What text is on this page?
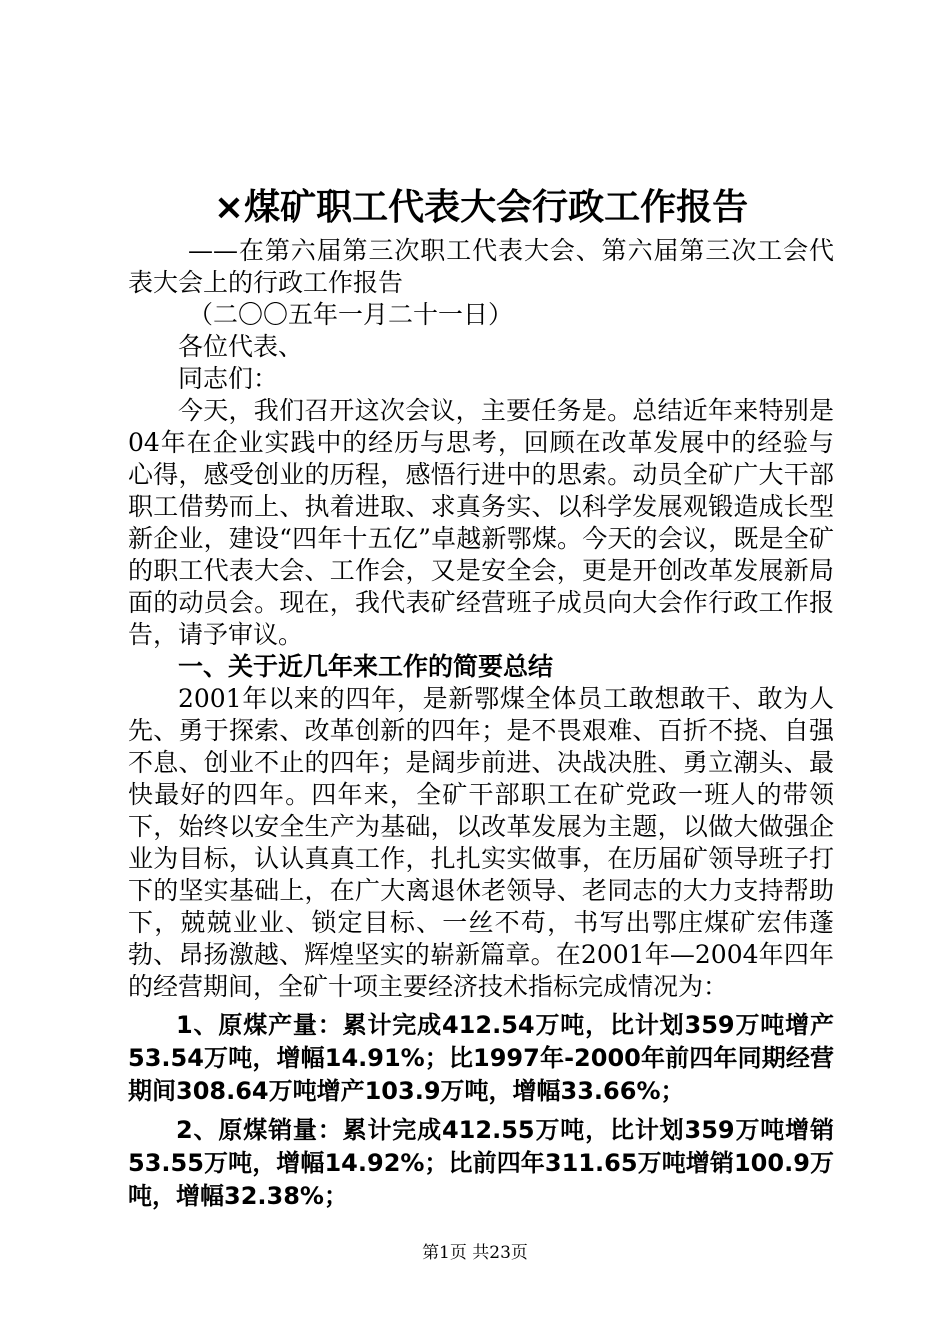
×煤矿职工代表大会行政工作报告

——在第六届第三次职工代表大会、第六届第三次工会代表大会上的行政工作报告

（二〇〇五年一月二十一日）

各位代表、

同志们：

今天，我们召开这次会议，主要任务是。总结近年来特别是04年在企业实践中的经历与思考，回顾在改革发展中的经验与心得，感受创业的历程，感悟行进中的思索。动员全矿广大干部职工借势而上、执着进取、求真务实、以科学发展观锻造成长型新企业，建设“四年十五亿”卓越新鄂煤。今天的会议，既是全矿的职工代表大会、工作会，又是安全会，更是开创改革发展新局面的动员会。现在，我代表矿经营班子成员向大会作行政工作报告，请予审议。

一、关于近几年来工作的简要总结

2001年以来的四年，是新鄂煤全体员工敢想敢干、敢为人先、勇于探索、改革创新的四年；是不畏艰难、百折不挠、自强不息、创业不止的四年；是阔步前进、决战决胜、勇立潮头、最快最好的四年。四年来，全矿干部职工在矿党政一班人的带领下，始终以安全生产为基础，以改革发展为主题，以做大做强企业为目标，认认真真工作，扎扎实实做事，在历届矿领导班子打下的坚实基础上，在广大离退休老领导、老同志的大力支持帮助下，兢兢业业、锁定目标、一丝不苟，书写出鄂庄煤矿宏伟蓬勃、昂扬激越、辉煌坚实的崭新篇章。在2001年—2004年四年的经营期间，全矿十项主要经济技术指标完成情况为：

1、原煤产量：累计完成412.54万吨，比计划359万吨增产53.54万吨，增幅14.91%；比1997年-2000年前四年同期经营期间308.64万吨增产103.9万吨，增幅33.66%；

2、原煤销量：累计完成412.55万吨，比计划359万吨增销53.55万吨，增幅14.92%；比前四年311.65万吨增销100.9万吨，增幅32.38%；

第1页 共23页
